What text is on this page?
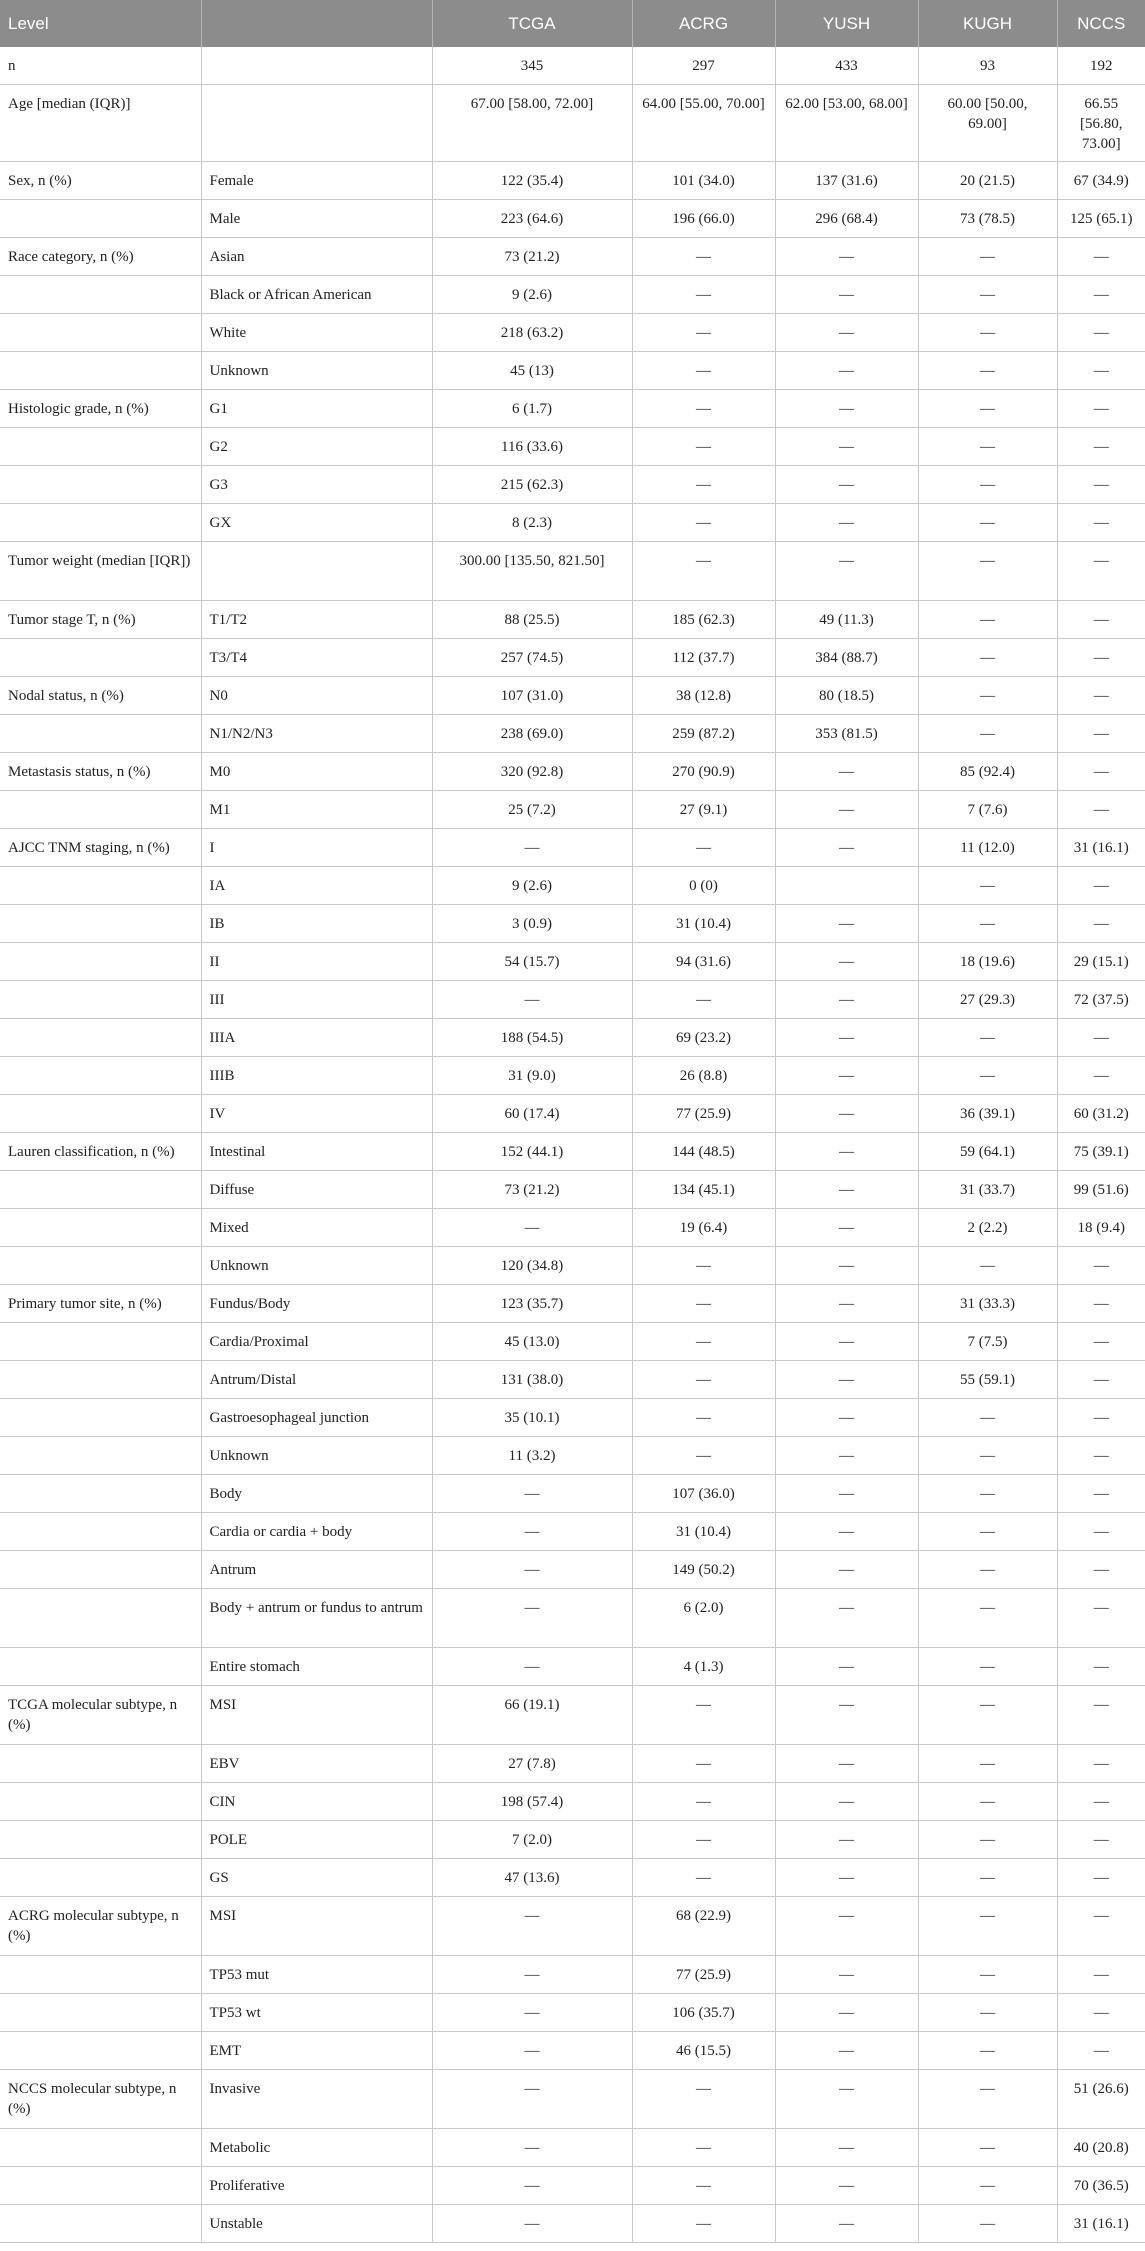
Level		TCGA	ACRG	YUSH	KUGH	NCCS
n		345	297	433	93	192
Age [median (IQR)]		67.00 [58.00, 72.00]	64.00 [55.00, 70.00]	62.00 [53.00, 68.00]	60.00 [50.00, 69.00]	66.55 [56.80, 73.00]
Sex, n (%)	Female	122 (35.4)	101 (34.0)	137 (31.6)	20 (21.5)	67 (34.9)
	Male	223 (64.6)	196 (66.0)	296 (68.4)	73 (78.5)	125 (65.1)
Race category, n (%)	Asian	73 (21.2)	—	—	—	—
	Black or African American	9 (2.6)	—	—	—	—
	White	218 (63.2)	—	—	—	—
	Unknown	45 (13)	—	—	—	—
Histologic grade, n (%)	G1	6 (1.7)	—	—	—	—
	G2	116 (33.6)	—	—	—	—
	G3	215 (62.3)	—	—	—	—
	GX	8 (2.3)	—	—	—	—
Tumor weight (median [IQR])		300.00 [135.50, 821.50]	—	—	—	—
Tumor stage T, n (%)	T1/T2	88 (25.5)	185 (62.3)	49 (11.3)	—	—
	T3/T4	257 (74.5)	112 (37.7)	384 (88.7)	—	—
Nodal status, n (%)	N0	107 (31.0)	38 (12.8)	80 (18.5)	—	—
	N1/N2/N3	238 (69.0)	259 (87.2)	353 (81.5)	—	—
Metastasis status, n (%)	M0	320 (92.8)	270 (90.9)	—	85 (92.4)	—
	M1	25 (7.2)	27 (9.1)	—	7 (7.6)	—
AJCC TNM staging, n (%)	I	—	—	—	11 (12.0)	31 (16.1)
	IA	9 (2.6)	0 (0)		—	—
	IB	3 (0.9)	31 (10.4)	—	—	—
	II	54 (15.7)	94 (31.6)	—	18 (19.6)	29 (15.1)
	III	—	—	—	27 (29.3)	72 (37.5)
	IIIA	188 (54.5)	69 (23.2)	—	—	—
	IIIB	31 (9.0)	26 (8.8)	—	—	—
	IV	60 (17.4)	77 (25.9)	—	36 (39.1)	60 (31.2)
Lauren classification, n (%)	Intestinal	152 (44.1)	144 (48.5)	—	59 (64.1)	75 (39.1)
	Diffuse	73 (21.2)	134 (45.1)	—	31 (33.7)	99 (51.6)
	Mixed	—	19 (6.4)	—	2 (2.2)	18 (9.4)
	Unknown	120 (34.8)	—	—	—	—
Primary tumor site, n (%)	Fundus/Body	123 (35.7)	—	—	31 (33.3)	—
	Cardia/Proximal	45 (13.0)	—	—	7 (7.5)	—
	Antrum/Distal	131 (38.0)	—	—	55 (59.1)	—
	Gastroesophageal junction	35 (10.1)	—	—	—	—
	Unknown	11 (3.2)	—	—	—	—
	Body	—	107 (36.0)	—	—	—
	Cardia or cardia + body	—	31 (10.4)	—	—	—
	Antrum	—	149 (50.2)	—	—	—
	Body + antrum or fundus to antrum	—	6 (2.0)	—	—	—
	Entire stomach	—	4 (1.3)	—	—	—
TCGA molecular subtype, n (%)	MSI	66 (19.1)	—	—	—	—
	EBV	27 (7.8)	—	—	—	—
	CIN	198 (57.4)	—	—	—	—
	POLE	7 (2.0)	—	—	—	—
	GS	47 (13.6)	—	—	—	—
ACRG molecular subtype, n (%)	MSI	—	68 (22.9)	—	—	—
	TP53 mut	—	77 (25.9)	—	—	—
	TP53 wt	—	106 (35.7)	—	—	—
	EMT	—	46 (15.5)	—	—	—
NCCS molecular subtype, n (%)	Invasive	—	—	—	—	51 (26.6)
	Metabolic	—	—	—	—	40 (20.8)
	Proliferative	—	—	—	—	70 (36.5)
	Unstable	—	—	—	—	31 (16.1)
